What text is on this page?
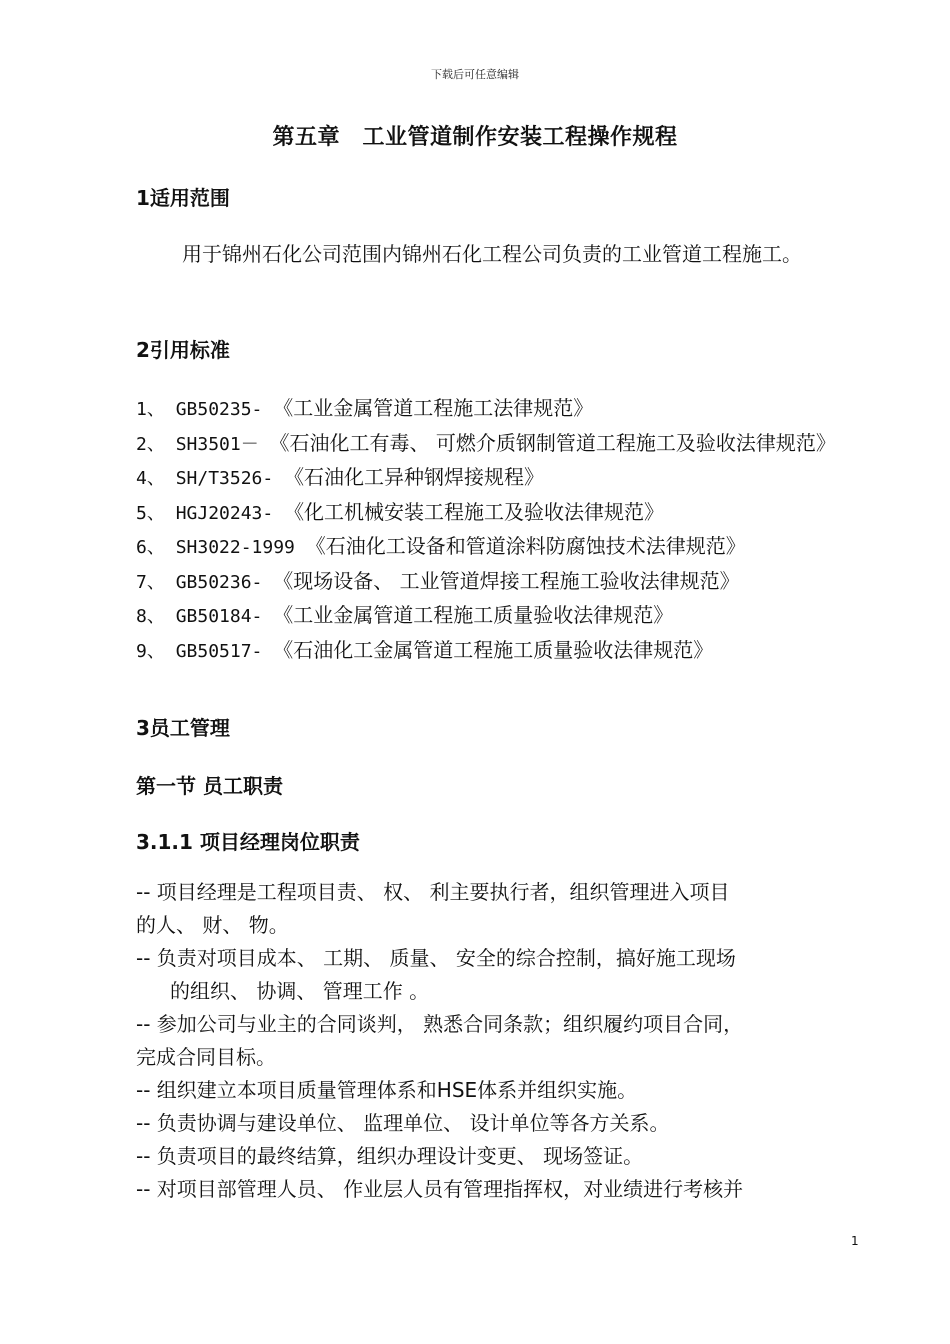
下载后可任意编辑
第五章　工业管道制作安装工程操作规程
1适用范围
用于锦州石化公司范围内锦州石化工程公司负责的工业管道工程施工。
2引用标准
1、 GB50235- 《工业金属管道工程施工法律规范》
2、 SH3501－ 《石油化工有毒、 可燃介质钢制管道工程施工及验收法律规范》
4、 SH/T3526- 《石油化工异种钢焊接规程》
5、 HGJ20243- 《化工机械安装工程施工及验收法律规范》
6、 SH3022-1999 《石油化工设备和管道涂料防腐蚀技术法律规范》
7、 GB50236- 《现场设备、 工业管道焊接工程施工验收法律规范》
8、 GB50184- 《工业金属管道工程施工质量验收法律规范》
9、 GB50517- 《石油化工金属管道工程施工质量验收法律规范》
3员工管理
第一节 员工职责
3.1.1 项目经理岗位职责
-- 项目经理是工程项目责、 权、 利主要执行者，组织管理进入项目
的人、 财、 物。
-- 负责对项目成本、 工期、 质量、 安全的综合控制，搞好施工现场
的组织、 协调、 管理工作 。
-- 参加公司与业主的合同谈判， 熟悉合同条款；组织履约项目合同，
完成合同目标。
-- 组织建立本项目质量管理体系和HSE体系并组织实施。
-- 负责协调与建设单位、 监理单位、 设计单位等各方关系。
-- 负责项目的最终结算，组织办理设计变更、 现场签证。
-- 对项目部管理人员、 作业层人员有管理指挥权，对业绩进行考核并
1
